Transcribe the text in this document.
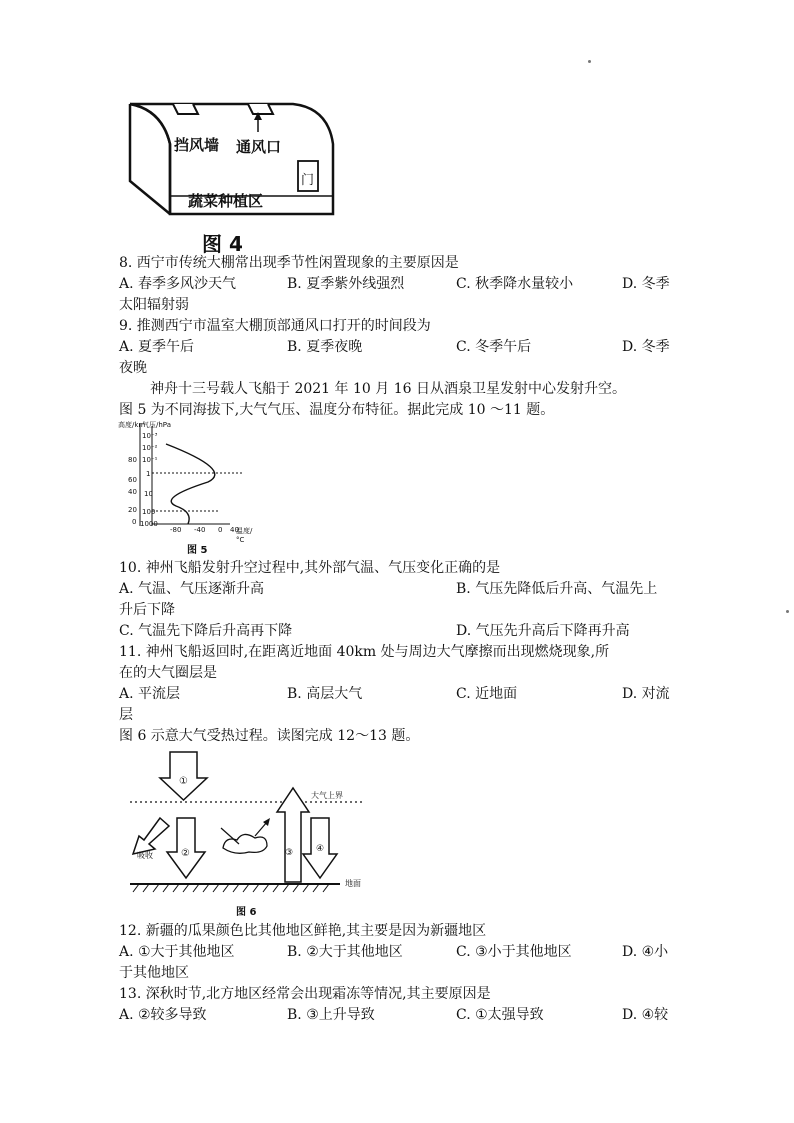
挡风墙 通风口
门
蔬菜种植区
图 4
8. 西宁市传统大棚常出现季节性闲置现象的主要原因是
A. 春季多风沙天气	B. 夏季紫外线强烈	C. 秋季降水量较小	D. 冬季
太阳辐射弱
9. 推测西宁市温室大棚顶部通风口打开的时间段为
A. 夏季午后	B. 夏季夜晚	C. 冬季午后	D. 冬季
夜晚
神舟十三号载人飞船于 2021 年 10 月 16 日从酒泉卫星发射中心发射升空。
图 5 为不同海拔下,大气气压、温度分布特征。据此完成 10 ～11 题。
高度/km
气压/hPa
80
60
40
20
0
10⁻³
10⁻²
10⁻¹
1
10
100
1000
-80 -40 0 40
温度/°C
图 5
10. 神州飞船发射升空过程中,其外部气温、气压变化正确的是
A. 气温、气压逐渐升高	B. 气压先降低后升高、气温先上
升后下降
C. 气温先下降后升高再下降	D. 气压先升高后下降再升高
11. 神州飞船返回时,在距离近地面 40km 处与周边大气摩擦而出现燃烧现象,所
在的大气圈层是
A. 平流层	B. 高层大气	C. 近地面	D. 对流
层
图 6 示意大气受热过程。读图完成 12～13 题。
①
②	③	④
大气上界
吸收
地面
图 6
12. 新疆的瓜果颜色比其他地区鲜艳,其主要是因为新疆地区
A. ①大于其他地区	B. ②大于其他地区	C. ③小于其他地区	D. ④小
于其他地区
13. 深秋时节,北方地区经常会出现霜冻等情况,其主要原因是
A. ②较多导致	B. ③上升导致	C. ①太强导致	D. ④较
